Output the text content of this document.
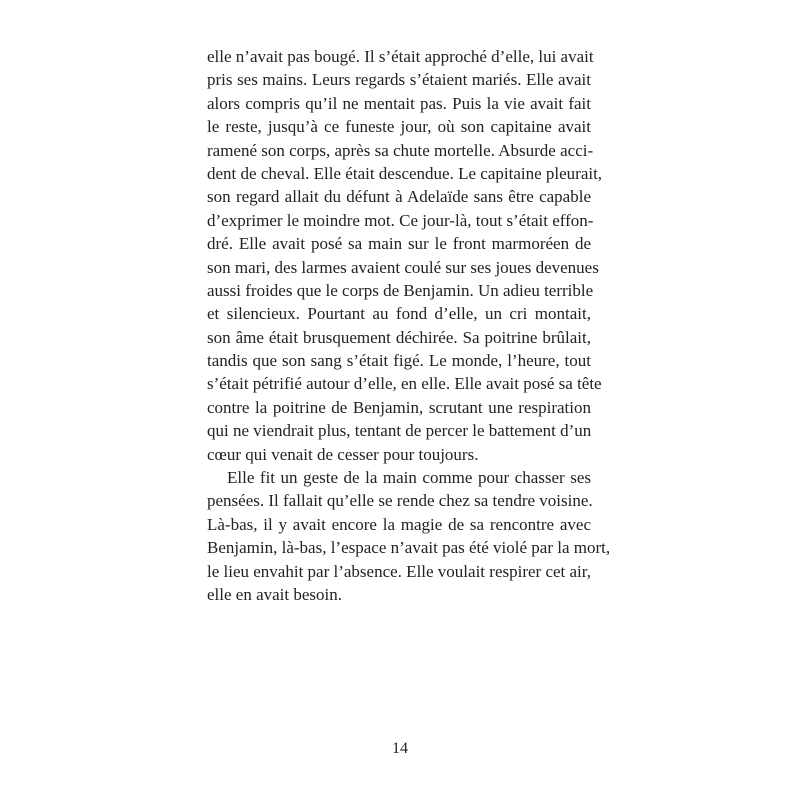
elle n’avait pas bougé. Il s’était approché d’elle, lui avait
pris ses mains. Leurs regards s’étaient mariés. Elle avait
alors compris qu’il ne mentait pas. Puis la vie avait fait
le reste, jusqu’à ce funeste jour, où son capitaine avait
ramené son corps, après sa chute mortelle. Absurde acci-
dent de cheval. Elle était descendue. Le capitaine pleurait,
son regard allait du défunt à Adelaïde sans être capable
d’exprimer le moindre mot. Ce jour-là, tout s’était effon-
dré. Elle avait posé sa main sur le front marmoréen de
son mari, des larmes avaient coulé sur ses joues devenues
aussi froides que le corps de Benjamin. Un adieu terrible
et silencieux. Pourtant au fond d’elle, un cri montait,
son âme était brusquement déchirée. Sa poitrine brûlait,
tandis que son sang s’était figé. Le monde, l’heure, tout
s’était pétrifié autour d’elle, en elle. Elle avait posé sa tête
contre la poitrine de Benjamin, scrutant une respiration
qui ne viendrait plus, tentant de percer le battement d’un
cœur qui venait de cesser pour toujours.

Elle fit un geste de la main comme pour chasser ses
pensées. Il fallait qu’elle se rende chez sa tendre voisine.
Là-bas, il y avait encore la magie de sa rencontre avec
Benjamin, là-bas, l’espace n’avait pas été violé par la mort,
le lieu envahit par l’absence. Elle voulait respirer cet air,
elle en avait besoin.

14
